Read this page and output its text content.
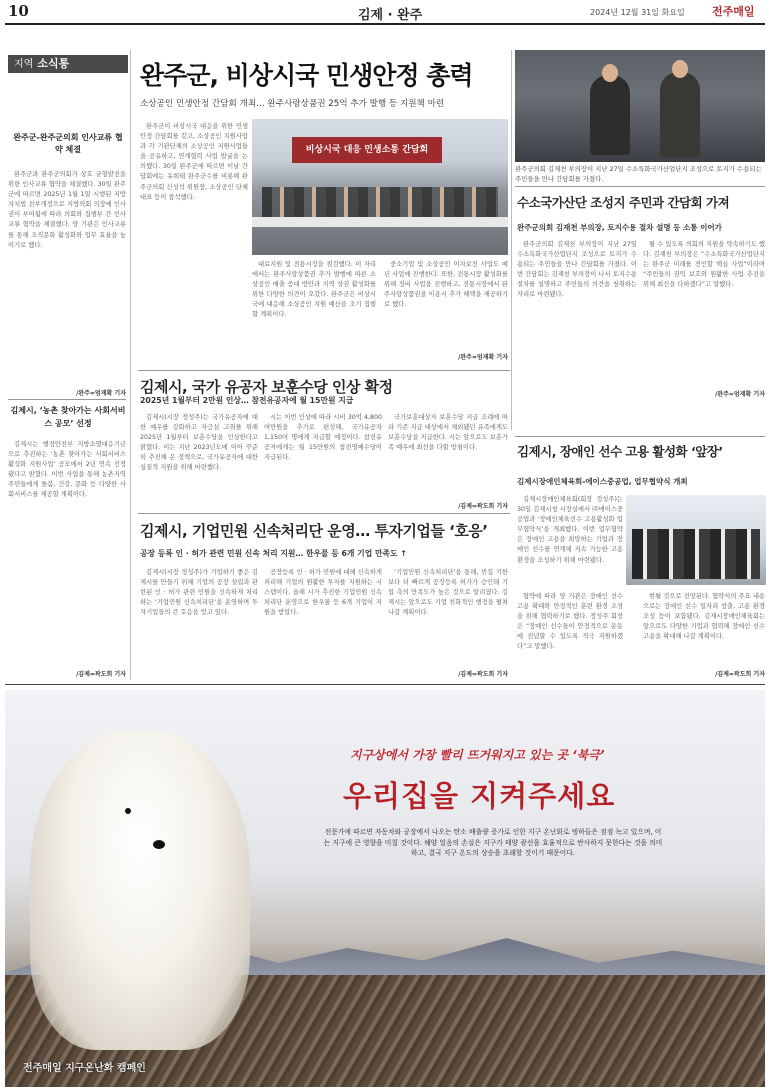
10	김제 · 완주	2024년 12월 31일 화요일 전주매일
지역 소식통
완주군-완주군의회 인사교류 협약 체결

완주군과 완주군의회가 상호 균형발전을 위한 인사교류 협약을 체결했다. 30일 완주군에 따르면 2025년 1월 1일 시행된 지방자치법 전부개정으로 지방의회 의장에 인사권이 부여됨에 따라 의회와 집행부 간 인사교류 협약을 체결했다. 양 기관은 인사교류를 통해 조직문화 활성화와 업무 효율을 높이기로 했다.

/완주=엄재확 기자
김제시, ‘농촌 찾아가는 사회서비스 공모’ 선정

김제시는 행정안전부 지방소멸대응기금으로 추진하는 ‘농촌 찾아가는 사회서비스 활성화 지원사업’ 공모에서 2년 연속 선정됐다고 밝혔다. 이번 사업을 통해 농촌지역 주민들에게 돌봄, 건강, 문화 등 다양한 사회서비스를 제공할 계획이다.

/김제=곽도희 기자
완주군, 비상시국 민생안정 총력
소상공인 민생안정 간담회 개최… 완주사랑상품권 25억 추가 발행 등 지원책 마련

완주군이 비상시국 대응을 위한 민생안정 간담회를 갖고, 소상공인 지원사업과 각 기관단체의 소상공인 지원사업들을 공유하고, 연계협력 사업 발굴을 논의했다. 30일 완주군에 따르면 이날 간담회에는 유희태 완주군수를 비롯해 완주군의회 신성석 위원장, 소상공인 단체 대표 등이 참석했다.

비상시국 대응 민생소통 간담회

대료지원 및 전통시장을 점검했다. 이 자리에서는 완주사랑상품권 추가 발행에 따른 소상공인 매출 증대 방안과 지역 상권 활성화를 위한 다양한 의견이 오갔다. 완주군은 비상시국에 대응해 소상공인 지원 예산을 조기 집행할 계획이다.

중소기업 및 소상공인 이차보전 사업도 예년 사업에 진행한다. 또한, 전통시장 활성화를 위해 정비 사업을 진행하고, 전통시장에서 완주사랑상품권을 이용시 추가 혜택을 제공하기로 했다.

/완주=엄재확 기자
김제시, 국가 유공자 보훈수당 인상 확정
2025년 1월부터 2만원 인상… 참전유공자에 월 15만원 지급

김제시(시장 정성주)는 국가유공자에 대한 예우를 강화하고 자긍심 고취를 위해 2025년 1월부터 보훈수당을 인상한다고 밝혔다. 이는 지난 2023년도에 이어 꾸준히 추진해 온 정책으로, 국가유공자에 대한 실질적 지원을 위해 마련했다.

시는 이번 인상에 따라 시비 30억 4,800여만원을 추가로 편성해, 국가유공자 1,150여 명에게 지급할 예정이다. 참전유공자에게는 월 15만원의 참전명예수당이 지급된다.

국가보훈대상자 보훈수당 지급 조례에 따라 기존 지급 대상에서 제외됐던 유족에게도 보훈수당을 지급한다. 시는 앞으로도 보훈가족 예우에 최선을 다할 방침이다.

/김제=곽도희 기자
김제시, 기업민원 신속처리단 운영… 투자기업들 ‘호응’
공장 등록 인 · 허가 관련 민원 신속 처리 지원… 한우물 등 6개 기업 만족도 ↑

김제시(시장 정성주)가 기업하기 좋은 김제시를 만들기 위해 기업의 공장 설립과 관련된 인 · 허가 관련 민원을 신속하게 처리하는 ‘기업민원 신속처리단’을 운영하며 투자기업들의 큰 호응을 얻고 있다.

공장등록 인 · 허가 민원에 대해 신속하게 처리해 기업의 원활한 투자를 지원하는 시스템이다. 올해 시가 추진한 기업민원 신속처리단 운영으로 한우물 등 6개 기업이 지원을 받았다.

‘기업민원 신속처리단’을 통해, 빈집 기한보다 더 빠르게 공장등록 허가가 승인돼 기업 측의 만족도가 높은 것으로 알려졌다. 김제시는 앞으로도 기업 친화적인 행정을 펼쳐 나갈 계획이다.

/김제=곽도희 기자
완주군의회 김재천 부의장이 지난 27일 수소특화국가산업단지 조성으로 토지가 수용되는 주민들을 만나 간담회를 가졌다.
수소국가산단 조성지 주민과 간담회 가져
완주군의회 김재천 부의장, 토지수용 절차 설명 등 소통 이어가

완주군의회 김재천 부의장이 지난 27일 수소특화국가산업단지 조성으로 토지가 수용되는 주민들을 만나 간담회를 가졌다. 이번 간담회는 김재천 부의장이 나서 토지수용 절차를 설명하고 주민들의 의견을 청취하는 자리로 마련됐다.

될 수 있도록 의회의 지원을 약속하기도 했다. 김재천 부의장은 “수소특화국가산업단지는 완주군 미래를 견인할 핵심 사업”이라며 “주민들의 권익 보호와 원활한 사업 추진을 위해 최선을 다하겠다”고 말했다.

/완주=엄재확 기자
김제시, 장애인 선수 고용 활성화 ‘앞장’
김제시장애인체육회-에이스중공업, 업무협약식 개최

김제시장애인체육회(회장 정성주)는 30일 김제시청 시장실에서 ㈜에이스중공업과 ‘장애인체육선수 고용활성화 업무협약식’을 개최했다. 이번 업무협약은 장애인 고용을 희망하는 기업과 장애인 선수를 연계해 지속 가능한 고용 환경을 조성하기 위해 마련됐다.

협약에 따라 양 기관은 장애인 선수 고용 확대와 안정적인 훈련 환경 조성을 위해 협력하기로 했다. 정성주 회장은 “장애인 선수들이 안정적으로 운동에 전념할 수 있도록 적극 지원하겠다”고 말했다.

현될 것으로 전망된다. 협약식의 주요 내용으로는 장애인 선수 일자리 창출, 고용 환경 조성 등이 포함됐다. 김제시장애인체육회는 앞으로도 다양한 기업과 협력해 장애인 선수 고용을 확대해 나갈 계획이다.

/김제=곽도희 기자
지구상에서 가장 빨리 뜨거워지고 있는 곳 ‘북극’
우리집을 지켜주세요
전문가에 따르면 자동차와 공장에서 나오는 탄소 배출량 증가로 인한 지구 온난화로 빙하들은 점점 녹고 있으며, 이는 지구에 큰 영향을 미칠 것이다. 해양 얼음의 손실은 지구가 태양 광선을 효율적으로 반사하지 못한다는 것을 의미하고, 결국 지구 온도의 상승을 초래할 것이기 때문이다.
전주매일 지구온난화 캠페인
